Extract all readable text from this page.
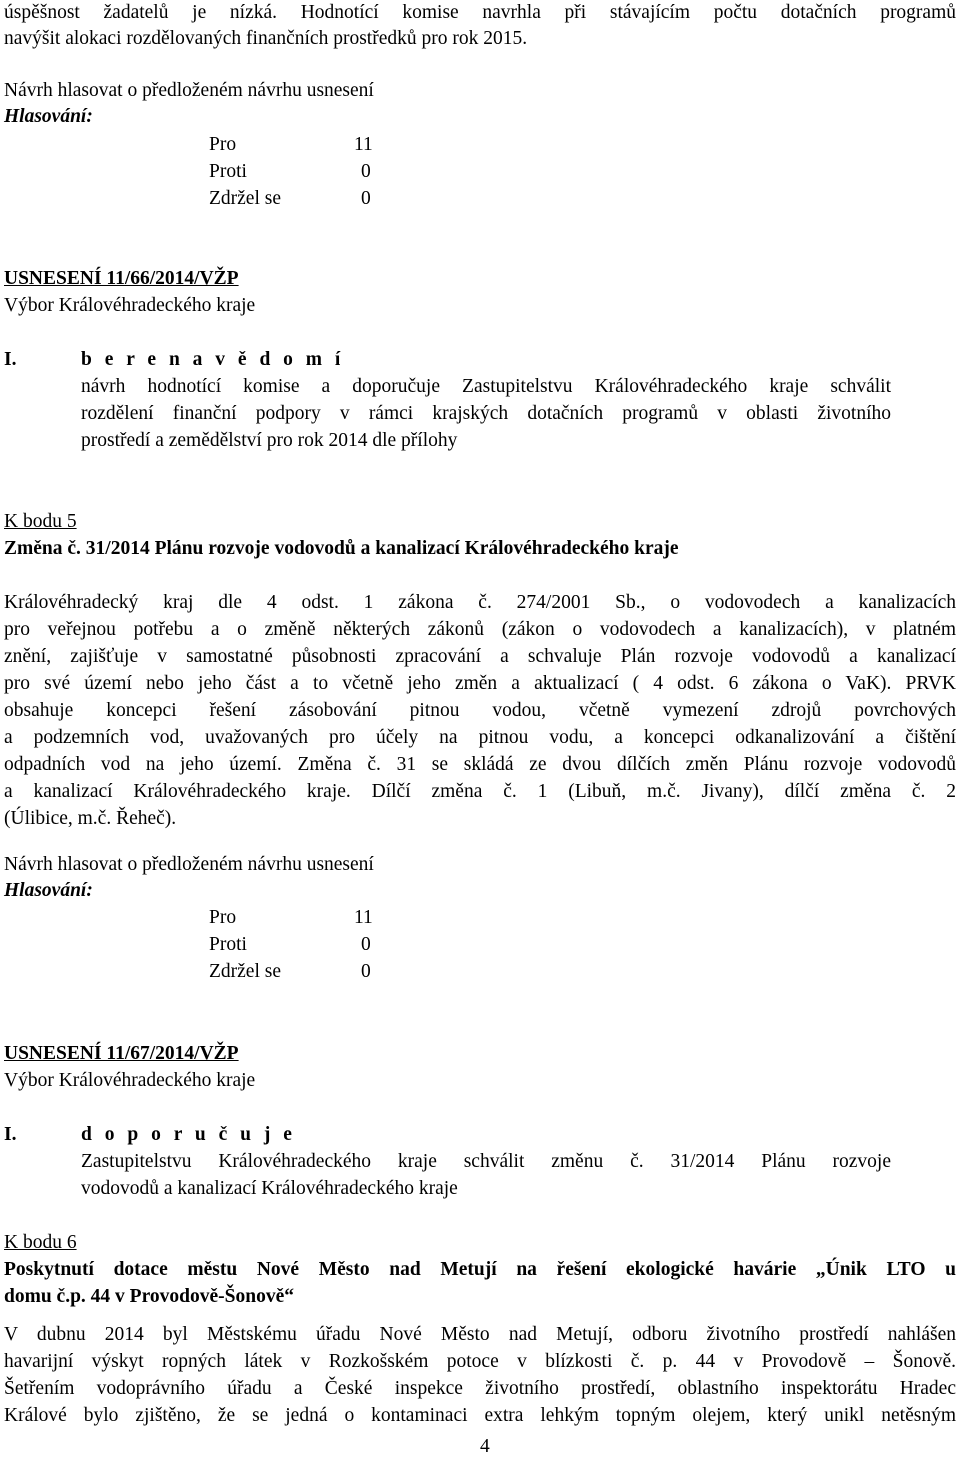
úspěšnost žadatelů je nízká. Hodnotící komise navrhla při stávajícím počtu dotačních programů
navýšit alokaci rozdělovaných finančních prostředků pro rok 2015.
Návrh hlasovat o předloženém návrhu usnesení
Hlasování:
Pro	11
Proti	0
Zdržel se	0
USNESENÍ 11/66/2014/VŽP
Výbor Královéhradeckého kraje
I.	b e r e n a v ě d o m í
návrh hodnotící komise a doporučuje Zastupitelstvu Královéhradeckého kraje schválit
rozdělení finanční podpory v rámci krajských dotačních programů v oblasti životního
prostředí a zemědělství pro rok 2014 dle přílohy
K bodu 5
Změna č. 31/2014 Plánu rozvoje vodovodů a kanalizací Královéhradeckého kraje
Královéhradecký kraj dle 4 odst. 1 zákona č. 274/2001 Sb., o vodovodech a kanalizacích
pro veřejnou potřebu a o změně některých zákonů (zákon o vodovodech a kanalizacích), v platném
znění, zajišťuje v samostatné působnosti zpracování a schvaluje Plán rozvoje vodovodů a kanalizací
pro své území nebo jeho část a to včetně jeho změn a aktualizací ( 4 odst. 6 zákona o VaK). PRVK
obsahuje koncepci řešení zásobování pitnou vodou, včetně vymezení zdrojů povrchových
a podzemních vod, uvažovaných pro účely na pitnou vodu, a koncepci odkanalizování a čištění
odpadních vod na jeho území. Změna č. 31 se skládá ze dvou dílčích změn Plánu rozvoje vodovodů
a kanalizací Královéhradeckého kraje. Dílčí změna č. 1 (Libuň, m.č. Jivany), dílčí změna č. 2
(Úlibice, m.č. Řeheč).
Návrh hlasovat o předloženém návrhu usnesení
Hlasování:
Pro	11
Proti	0
Zdržel se	0
USNESENÍ 11/67/2014/VŽP
Výbor Královéhradeckého kraje
I.	d o p o r u č u j e
Zastupitelstvu Královéhradeckého kraje schválit změnu č. 31/2014 Plánu rozvoje
vodovodů a kanalizací Královéhradeckého kraje
K bodu 6
Poskytnutí dotace městu Nové Město nad Metují na řešení ekologické havárie „Únik LTO u
domu č.p. 44 v Provodově-Šonově“
V dubnu 2014 byl Městskému úřadu Nové Město nad Metují, odboru životního prostředí nahlášen
havarijní výskyt ropných látek v Rozkošském potoce v blízkosti č. p. 44 v Provodově – Šonově.
Šetřením vodoprávního úřadu a České inspekce životního prostředí, oblastního inspektorátu Hradec
Králové bylo zjištěno, že se jedná o kontaminaci extra lehkým topným olejem, který unikl netěsným
4
